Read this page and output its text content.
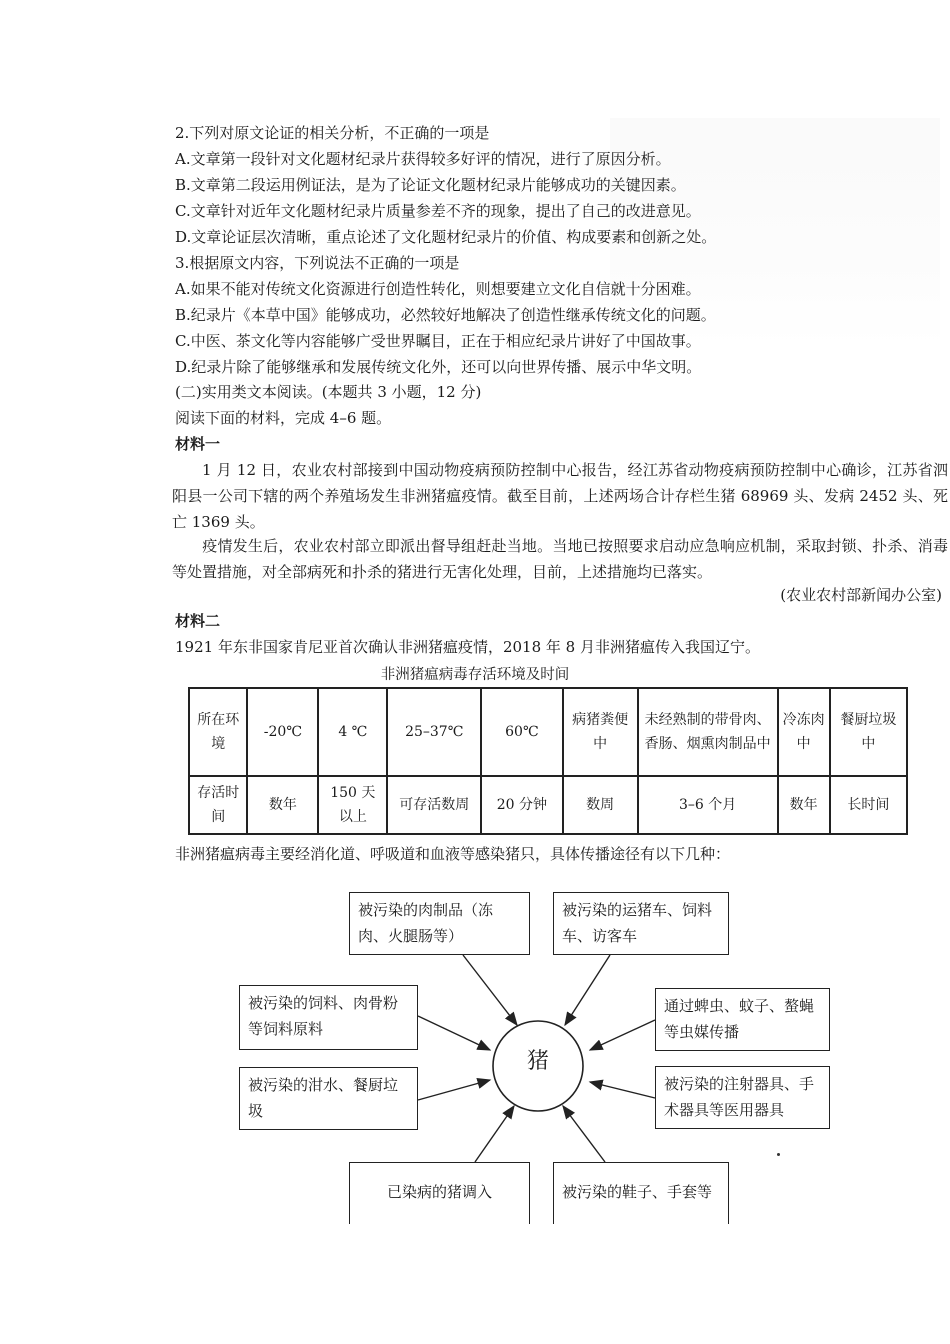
2.下列对原文论证的相关分析，不正确的一项是
A.文章第一段针对文化题材纪录片获得较多好评的情况，进行了原因分析。
B.文章第二段运用例证法，是为了论证文化题材纪录片能够成功的关键因素。
C.文章针对近年文化题材纪录片质量参差不齐的现象，提出了自己的改进意见。
D.文章论证层次清晰，重点论述了文化题材纪录片的价值、构成要素和创新之处。
3.根据原文内容，下列说法不正确的一项是
A.如果不能对传统文化资源进行创造性转化，则想要建立文化自信就十分困难。
B.纪录片《本草中国》能够成功，必然较好地解决了创造性继承传统文化的问题。
C.中医、茶文化等内容能够广受世界瞩目，正在于相应纪录片讲好了中国故事。
D.纪录片除了能够继承和发展传统文化外，还可以向世界传播、展示中华文明。
(二)实用类文本阅读。(本题共 3 小题，12 分)
阅读下面的材料，完成 4–6 题。
材料一
1 月 12 日，农业农村部接到中国动物疫病预防控制中心报告，经江苏省动物疫病预防控制中心确诊，江苏省泗阳县一公司下辖的两个养殖场发生非洲猪瘟疫情。截至目前，上述两场合计存栏生猪 68969 头、发病 2452 头、死亡 1369 头。
疫情发生后，农业农村部立即派出督导组赶赴当地。当地已按照要求启动应急响应机制，采取封锁、扑杀、消毒等处置措施，对全部病死和扑杀的猪进行无害化处理，目前，上述措施均已落实。
(农业农村部新闻办公室)
材料二
1921 年东非国家肯尼亚首次确认非洲猪瘟疫情，2018 年 8 月非洲猪瘟传入我国辽宁。
非洲猪瘟病毒存活环境及时间
所在环境	-20℃	4 ℃	25–37℃	60℃	病猪粪便中	未经熟制的带骨肉、香肠、烟熏肉制品中	冷冻肉中	餐厨垃圾中
存活时间	数年	150 天以上	可存活数周	20 分钟	数周	3–6 个月	数年	长时间
非洲猪瘟病毒主要经消化道、呼吸道和血液等感染猪只，具体传播途径有以下几种：
被污染的肉制品（冻肉、火腿肠等）
被污染的运猪车、饲料车、访客车
被污染的饲料、肉骨粉等饲料原料
通过蜱虫、蚊子、螯蝇等虫媒传播
被污染的泔水、餐厨垃圾
被污染的注射器具、手术器具等医用器具
已染病的猪调入	被污染的鞋子、手套等
猪
